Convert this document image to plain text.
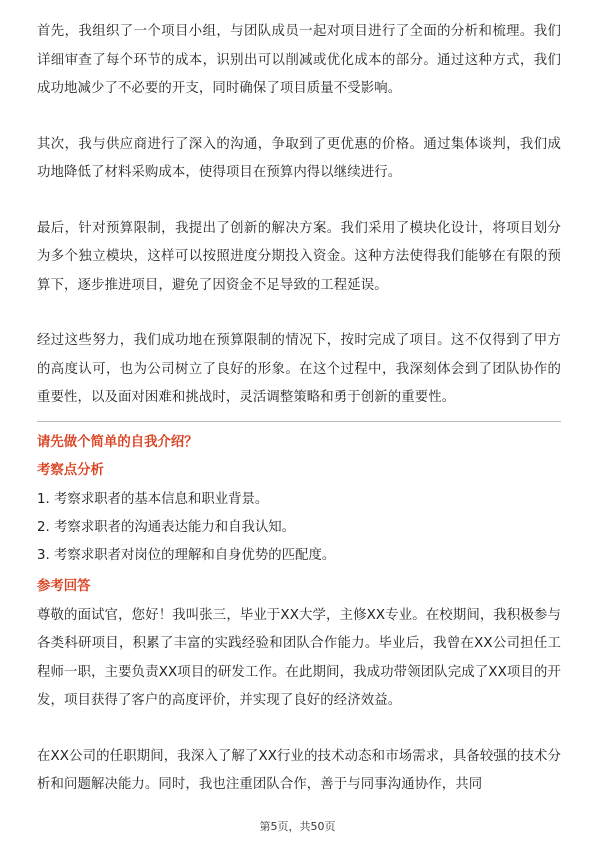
首先，我组织了一个项目小组，与团队成员一起对项目进行了全面的分析和梳理。我们详细审查了每个环节的成本，识别出可以削减或优化成本的部分。通过这种方式，我们成功地减少了不必要的开支，同时确保了项目质量不受影响。

其次，我与供应商进行了深入的沟通，争取到了更优惠的价格。通过集体谈判，我们成功地降低了材料采购成本，使得项目在预算内得以继续进行。

最后，针对预算限制，我提出了创新的解决方案。我们采用了模块化设计，将项目划分为多个独立模块，这样可以按照进度分期投入资金。这种方法使得我们能够在有限的预算下，逐步推进项目，避免了因资金不足导致的工程延误。

经过这些努力，我们成功地在预算限制的情况下，按时完成了项目。这不仅得到了甲方的高度认可，也为公司树立了良好的形象。在这个过程中，我深刻体会到了团队协作的重要性，以及面对困难和挑战时，灵活调整策略和勇于创新的重要性。

请先做个简单的自我介绍？

考察点分析

1. 考察求职者的基本信息和职业背景。
2. 考察求职者的沟通表达能力和自我认知。
3. 考察求职者对岗位的理解和自身优势的匹配度。

参考回答

尊敬的面试官，您好！我叫张三，毕业于XX大学，主修XX专业。在校期间，我积极参与各类科研项目，积累了丰富的实践经验和团队合作能力。毕业后，我曾在XX公司担任工程师一职，主要负责XX项目的研发工作。在此期间，我成功带领团队完成了XX项目的开发，项目获得了客户的高度评价，并实现了良好的经济效益。

在XX公司的任职期间，我深入了解了XX行业的技术动态和市场需求，具备较强的技术分析和问题解决能力。同时，我也注重团队合作，善于与同事沟通协作，共同

第5页，共50页
